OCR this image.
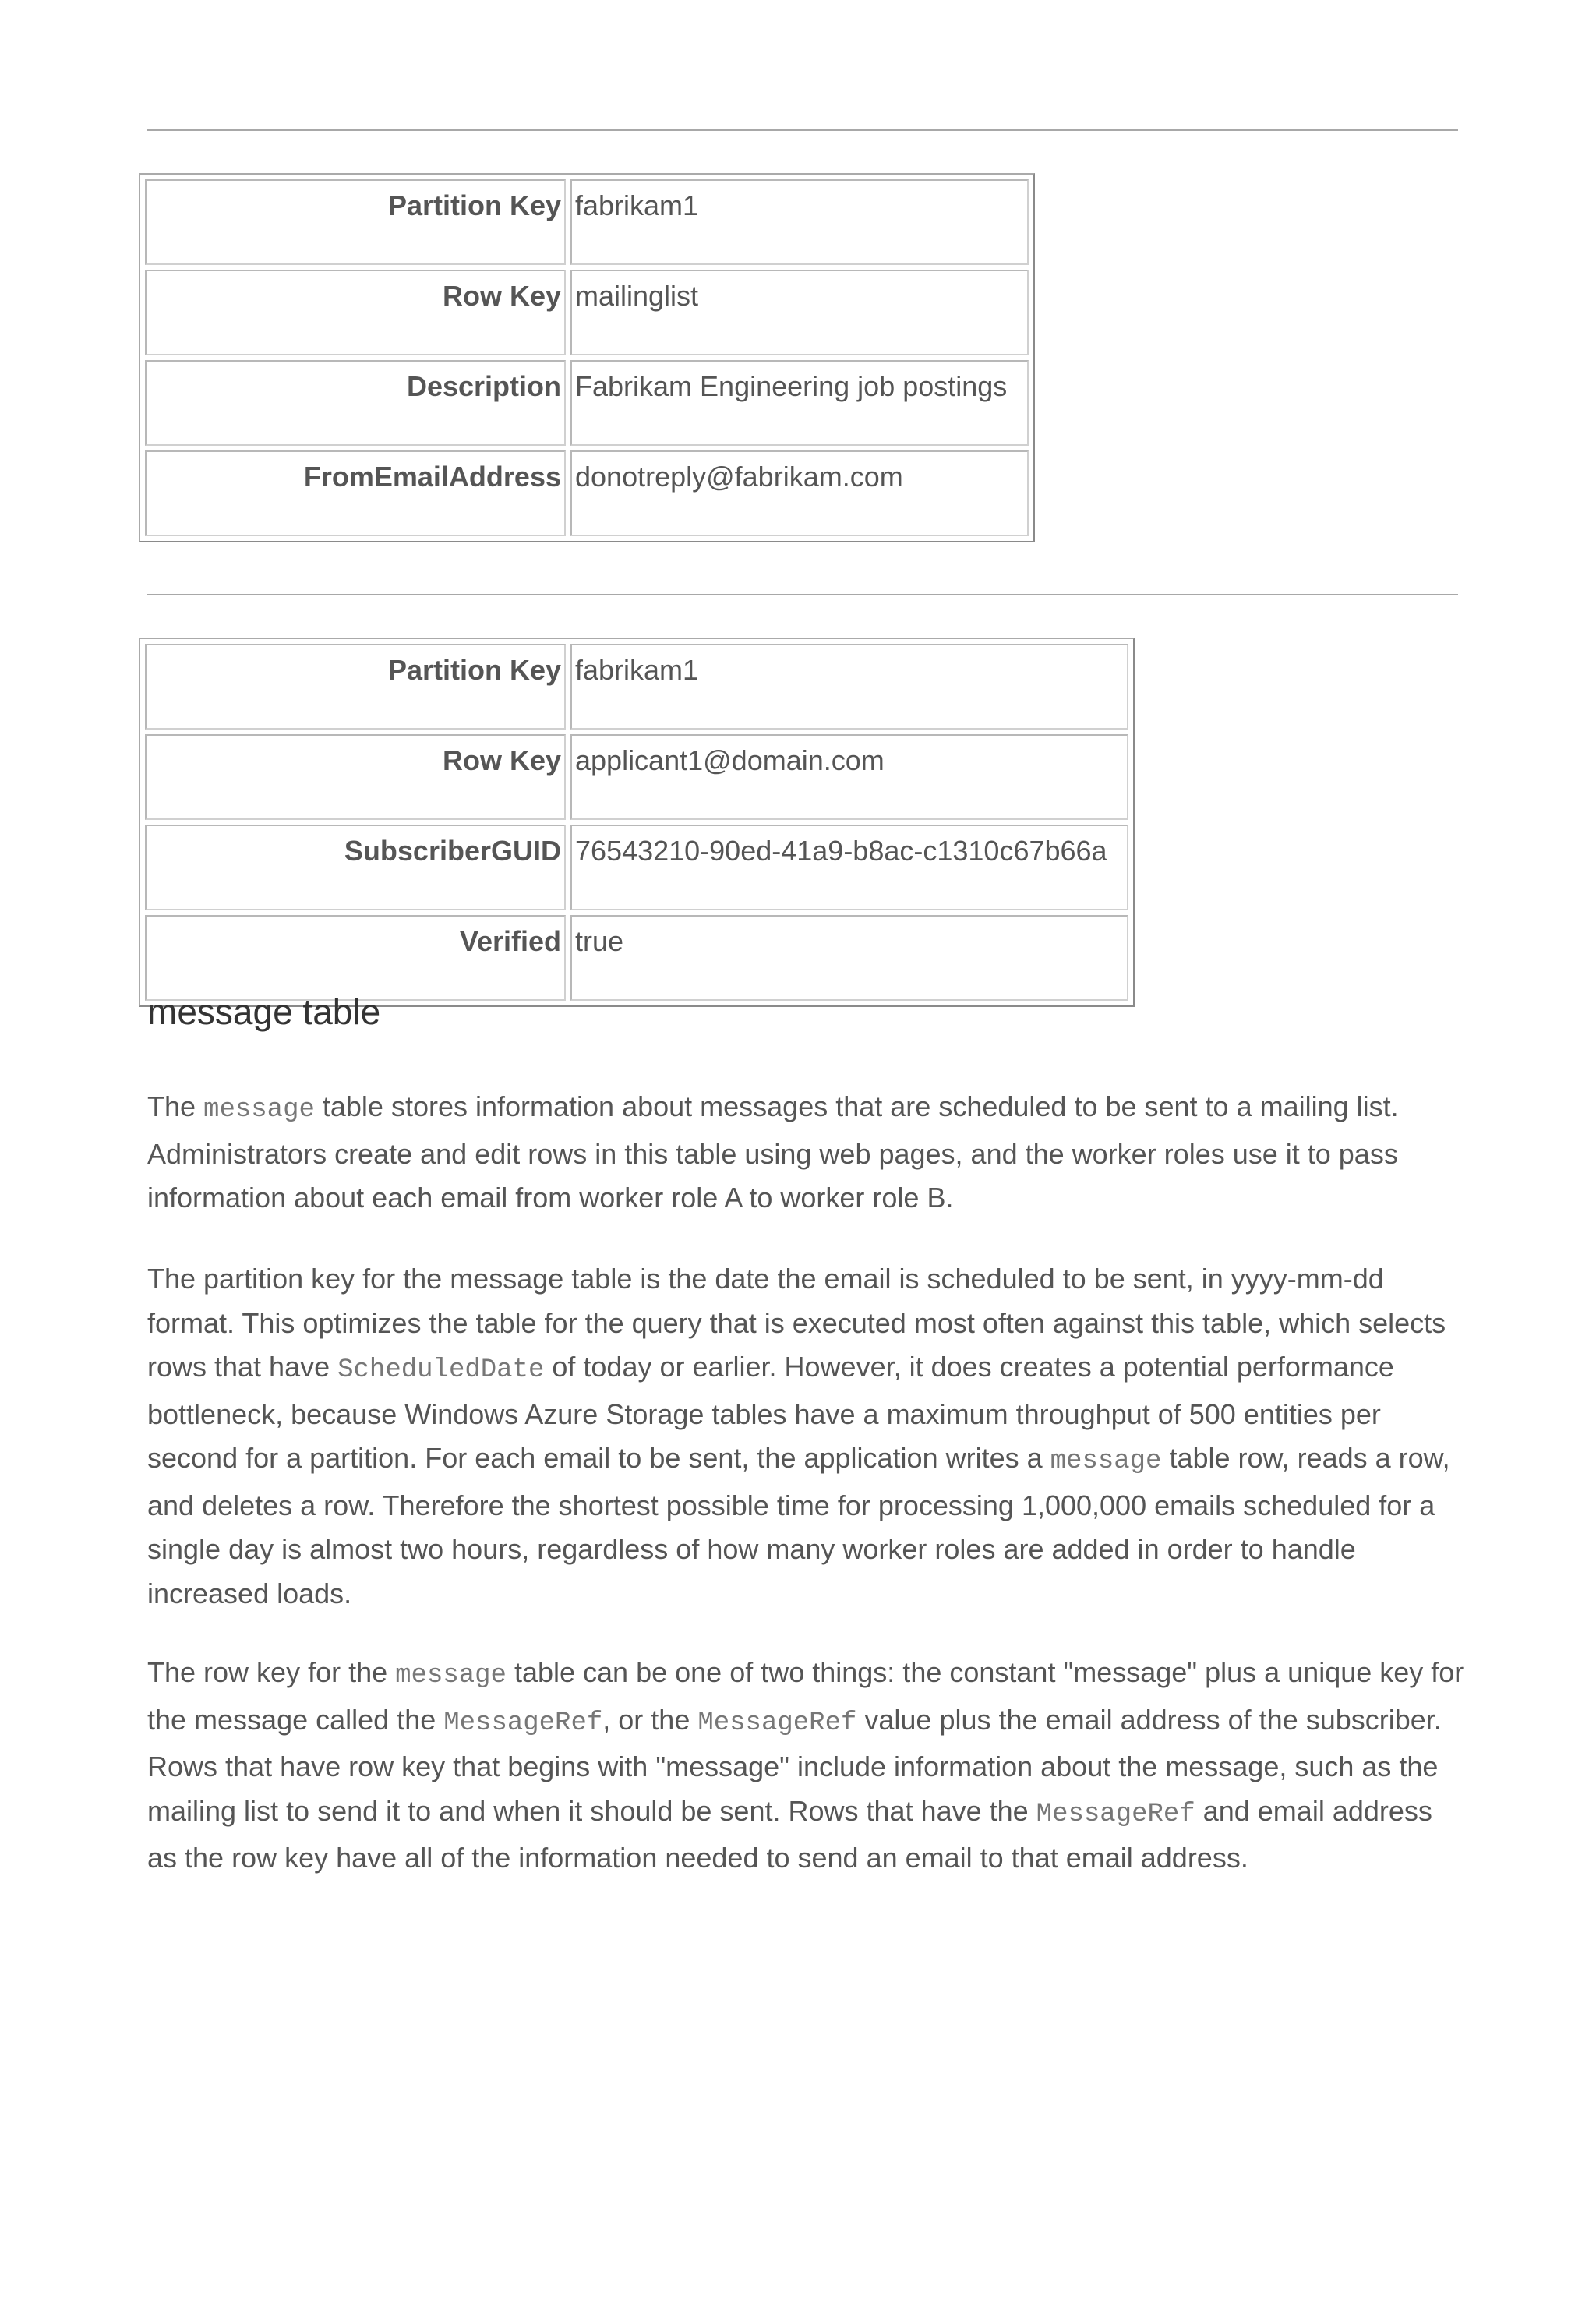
Partition Key	fabrikam1
Row Key	mailinglist
Description	Fabrikam Engineering job postings
FromEmailAddress	donotreply@fabrikam.com
Partition Key	fabrikam1
Row Key	applicant1@domain.com
SubscriberGUID	76543210-90ed-41a9-b8ac-c1310c67b66a
Verified	true
message table

The message table stores information about messages that are scheduled to be sent to a mailing list. Administrators create and edit rows in this table using web pages, and the worker roles use it to pass information about each email from worker role A to worker role B.

The partition key for the message table is the date the email is scheduled to be sent, in yyyy-mm-dd format. This optimizes the table for the query that is executed most often against this table, which selects rows that have ScheduledDate of today or earlier. However, it does creates a potential performance bottleneck, because Windows Azure Storage tables have a maximum throughput of 500 entities per second for a partition. For each email to be sent, the application writes a message table row, reads a row, and deletes a row. Therefore the shortest possible time for processing 1,000,000 emails scheduled for a single day is almost two hours, regardless of how many worker roles are added in order to handle increased loads.

The row key for the message table can be one of two things: the constant "message" plus a unique key for the message called the MessageRef, or the MessageRef value plus the email address of the subscriber. Rows that have row key that begins with "message" include information about the message, such as the mailing list to send it to and when it should be sent. Rows that have the MessageRef and email address as the row key have all of the information needed to send an email to that email address.
